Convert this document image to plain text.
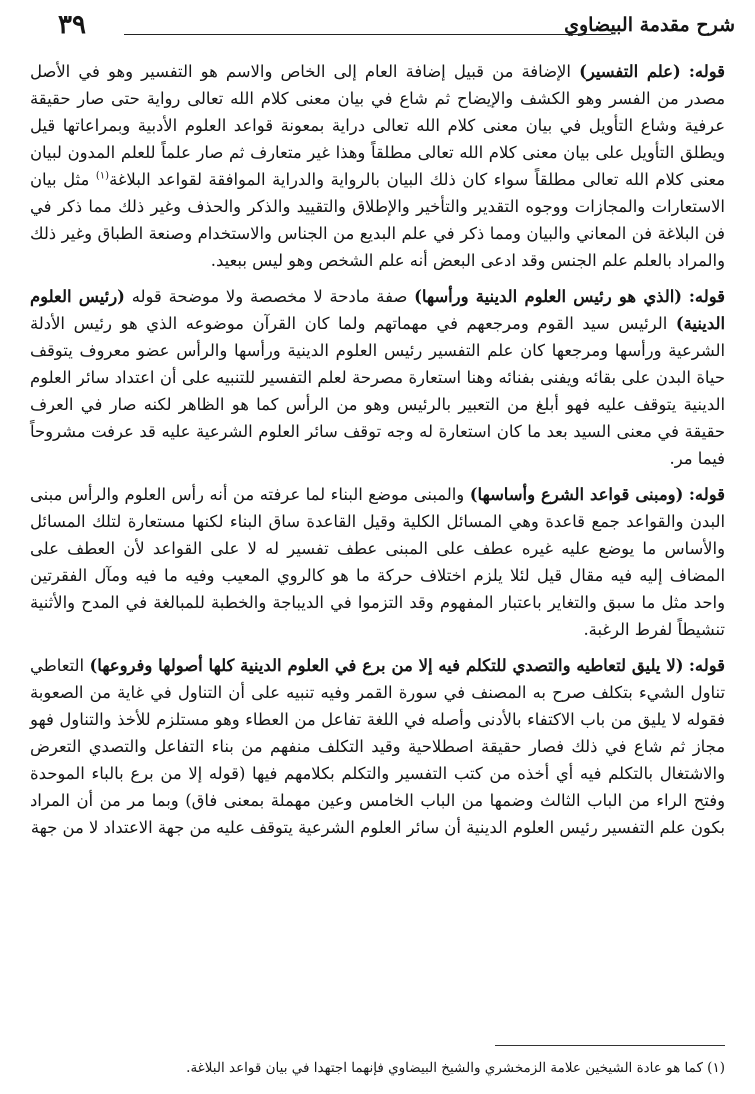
شرح مقدمة البيضاوي
٣٩

قوله: (علم التفسير) الإضافة من قبيل إضافة العام إلى الخاص والاسم هو التفسير وهو في الأصل مصدر من الفسر وهو الكشف والإيضاح ثم شاع في بيان معنى كلام الله تعالى رواية حتى صار حقيقة عرفية وشاع التأويل في بيان معنى كلام الله تعالى دراية بمعونة قواعد العلوم الأدبية وبمراعاتها قيل ويطلق التأويل على بيان معنى كلام الله تعالى مطلقاً وهذا غير متعارف ثم صار علماً للعلم المدون لبيان معنى كلام الله تعالى مطلقاً سواء كان ذلك البيان بالرواية والدراية الموافقة لقواعد البلاغة$^{(١)}$ مثل بيان الاستعارات والمجازات ووجوه التقدير والتأخير والإطلاق والتقييد والذكر والحذف وغير ذلك مما ذكر في فن البلاغة فن المعاني والبيان ومما ذكر في علم البديع من الجناس والاستخدام وصنعة الطباق وغير ذلك والمراد بالعلم علم الجنس وقد ادعى البعض أنه علم الشخص وهو ليس ببعيد.

قوله: (الذي هو رئيس العلوم الدينية ورأسها) صفة مادحة لا مخصصة ولا موضحة قوله (رئيس العلوم الدينية) الرئيس سيد القوم ومرجعهم في مهماتهم ولما كان القرآن موضوعه الذي هو رئيس الأدلة الشرعية ورأسها ومرجعها كان علم التفسير رئيس العلوم الدينية ورأسها والرأس عضو معروف يتوقف حياة البدن على بقائه ويفنى بفنائه وهنا استعارة مصرحة لعلم التفسير للتنبيه على أن اعتداد سائر العلوم الدينية يتوقف عليه فهو أبلغ من التعبير بالرئيس وهو من الرأس كما هو الظاهر لكنه صار في العرف حقيقة في معنى السيد بعد ما كان استعارة له وجه توقف سائر العلوم الشرعية عليه قد عرفت مشروحاً فيما مر.

قوله: (ومبنى قواعد الشرع وأساسها) والمبنى موضع البناء لما عرفته من أنه رأس العلوم والرأس مبنى البدن والقواعد جمع قاعدة وهي المسائل الكلية وقيل القاعدة ساق البناء لكنها مستعارة لتلك المسائل والأساس ما يوضع عليه غيره عطف على المبنى عطف تفسير له لا على القواعد لأن العطف على المضاف إليه فيه مقال قيل لئلا يلزم اختلاف حركة ما هو كالروي المعيب وفيه ما فيه ومآل الفقرتين واحد مثل ما سبق والتغاير باعتبار المفهوم وقد التزموا في الديباجة والخطبة للمبالغة في المدح والأثنية تنشيطاً لفرط الرغبة.

قوله: (لا يليق لتعاطيه والتصدي للتكلم فيه إلا من برع في العلوم الدينية كلها أصولها وفروعها) التعاطي تناول الشيء بتكلف صرح به المصنف في سورة القمر وفيه تنبيه على أن التناول في غاية من الصعوبة فقوله لا يليق من باب الاكتفاء بالأدنى وأصله في اللغة تفاعل من العطاء وهو مستلزم للأخذ والتناول فهو مجاز ثم شاع في ذلك فصار حقيقة اصطلاحية وقيد التكلف منفهم من بناء التفاعل والتصدي التعرض والاشتغال بالتكلم فيه أي أخذه من كتب التفسير والتكلم بكلامهم فيها (قوله إلا من برع بالباء الموحدة وفتح الراء من الباب الثالث وضمها من الباب الخامس وعين مهملة بمعنى فاق) وبما مر من أن المراد بكون علم التفسير رئيس العلوم الدينية أن سائر العلوم الشرعية يتوقف عليه من جهة الاعتداد لا من جهة

(١) كما هو عادة الشيخين علامة الزمخشري والشيخ البيضاوي فإنهما اجتهدا في بيان قواعد البلاغة.
